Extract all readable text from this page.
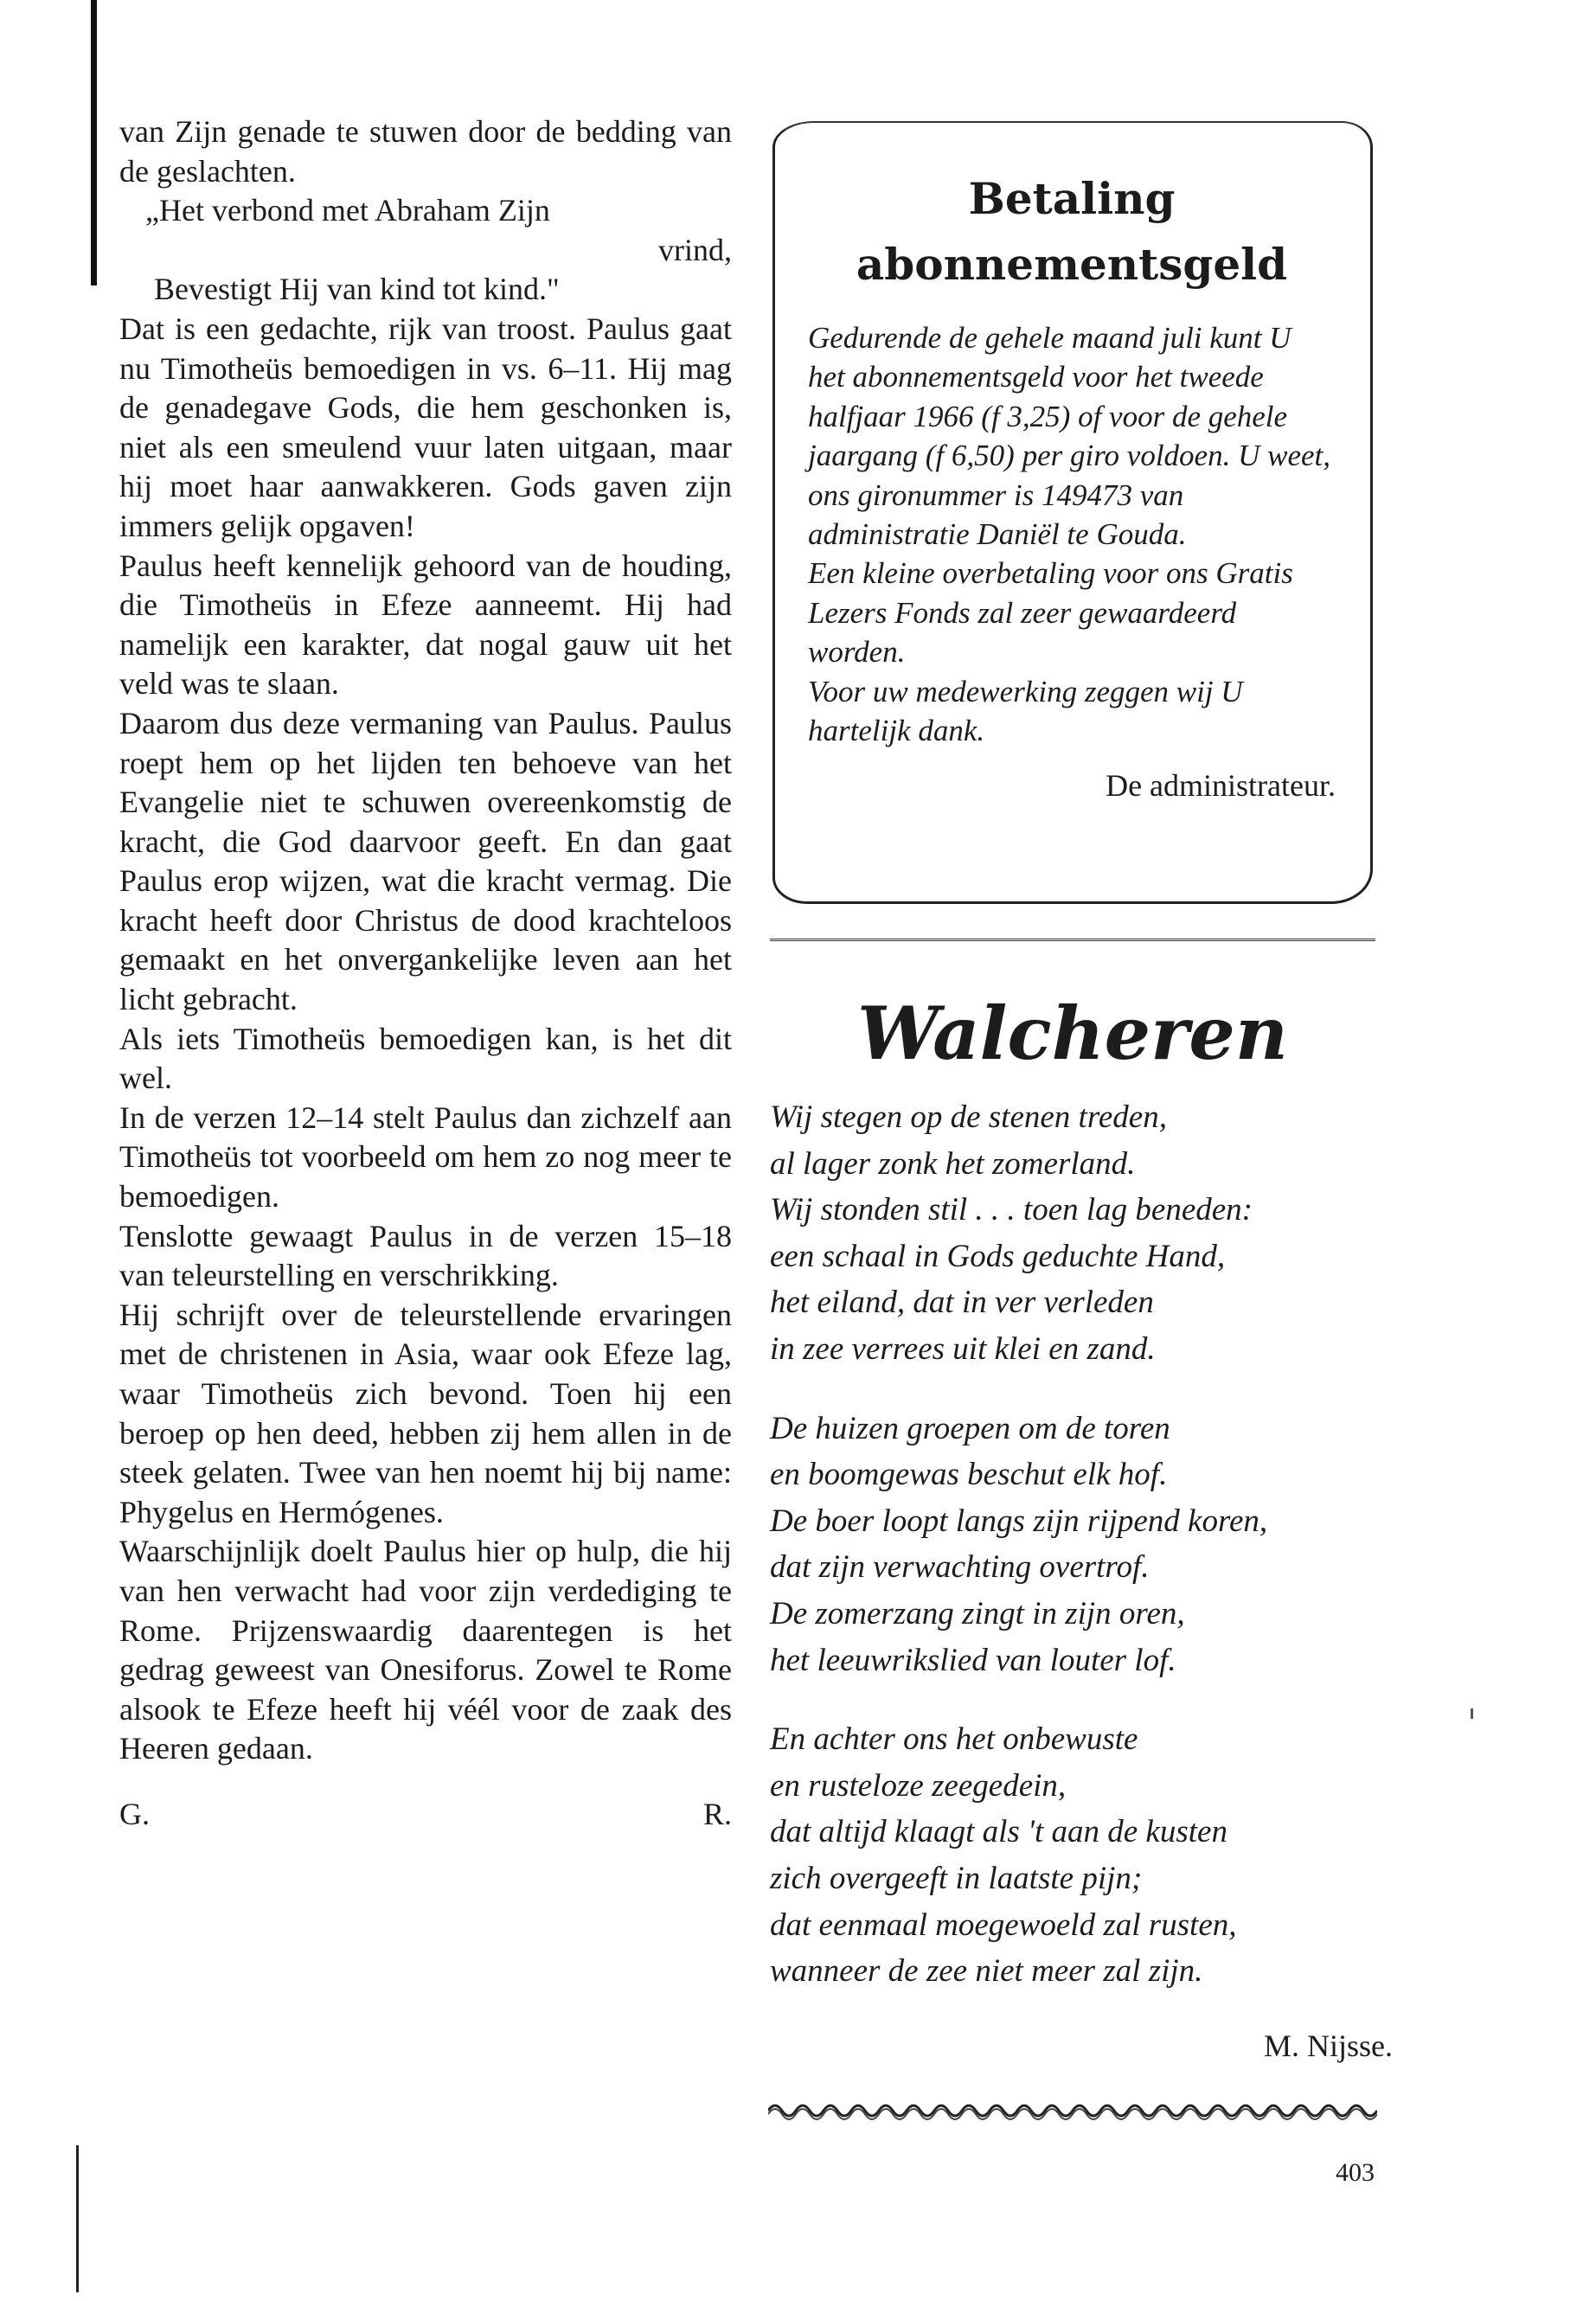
van Zijn genade te stuwen door de bedding van de geslachten.

„Het verbond met Abraham Zijn

vrind,

Bevestigt Hij van kind tot kind."

Dat is een gedachte, rijk van troost. Paulus gaat nu Timotheüs bemoedigen in vs. 6–11. Hij mag de genadegave Gods, die hem geschonken is, niet als een smeulend vuur laten uitgaan, maar hij moet haar aanwakkeren. Gods gaven zijn immers gelijk opgaven!

Paulus heeft kennelijk gehoord van de houding, die Timotheüs in Efeze aanneemt. Hij had namelijk een karakter, dat nogal gauw uit het veld was te slaan.

Daarom dus deze vermaning van Paulus. Paulus roept hem op het lijden ten behoeve van het Evangelie niet te schuwen overeenkomstig de kracht, die God daarvoor geeft. En dan gaat Paulus erop wijzen, wat die kracht vermag. Die kracht heeft door Christus de dood krachteloos gemaakt en het onvergankelijke leven aan het licht gebracht.

Als iets Timotheüs bemoedigen kan, is het dit wel.

In de verzen 12–14 stelt Paulus dan zichzelf aan Timotheüs tot voorbeeld om hem zo nog meer te bemoedigen.

Tenslotte gewaagt Paulus in de verzen 15–18 van teleurstelling en verschrikking.

Hij schrijft over de teleurstellende ervaringen met de christenen in Asia, waar ook Efeze lag, waar Timotheüs zich bevond. Toen hij een beroep op hen deed, hebben zij hem allen in de steek gelaten. Twee van hen noemt hij bij name: Phygelus en Hermógenes.

Waarschijnlijk doelt Paulus hier op hulp, die hij van hen verwacht had voor zijn verdediging te Rome. Prijzenswaardig daarentegen is het gedrag geweest van Onesiforus. Zowel te Rome alsook te Efeze heeft hij véél voor de zaak des Heeren gedaan.

G.	R.
Betaling
abonnementsgeld

Gedurende de gehele maand juli kunt U het abonnementsgeld voor het tweede halfjaar 1966 (f 3,25) of voor de gehele jaargang (f 6,50) per giro voldoen. U weet, ons gironummer is 149473 van administratie Daniël te Gouda.

Een kleine overbetaling voor ons Gratis Lezers Fonds zal zeer gewaardeerd worden.

Voor uw medewerking zeggen wij U hartelijk dank.

De administrateur.
Walcheren

Wij stegen op de stenen treden,
al lager zonk het zomerland.
Wij stonden stil . . . toen lag beneden:
een schaal in Gods geduchte Hand,
het eiland, dat in ver verleden
in zee verrees uit klei en zand.

De huizen groepen om de toren
en boomgewas beschut elk hof.
De boer loopt langs zijn rijpend koren,
dat zijn verwachting overtrof.
De zomerzang zingt in zijn oren,
het leeuwrikslied van louter lof.

En achter ons het onbewuste
en rusteloze zeegedein,
dat altijd klaagt als 't aan de kusten
zich overgeeft in laatste pijn;
dat eenmaal moegewoeld zal rusten,
wanneer de zee niet meer zal zijn.

M. Nijsse.
403
